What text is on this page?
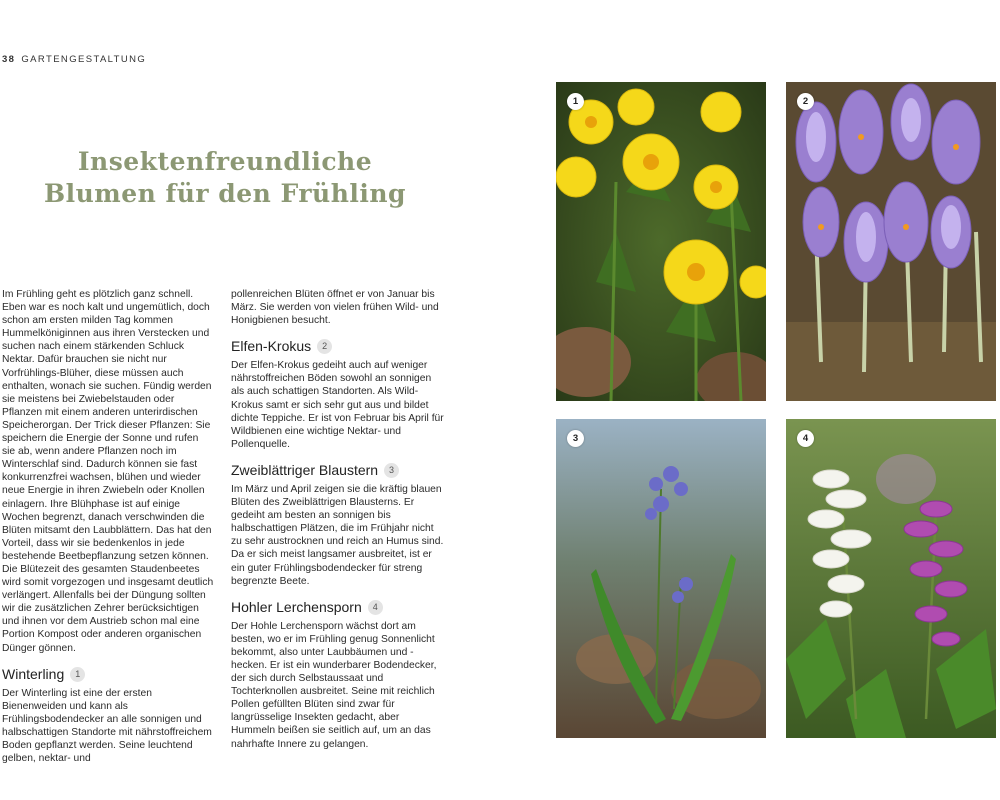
38 GARTENGESTALTUNG
Insektenfreundliche
Blumen für den Frühling

Im Frühling geht es plötzlich ganz schnell. Eben war es noch kalt und ungemütlich, doch schon am ersten milden Tag kommen Hummelköniginnen aus ihren Verstecken und suchen nach einem stärkenden Schluck Nektar. Dafür brauchen sie nicht nur Vorfrühlings-Blüher, diese müssen auch enthalten, wonach sie suchen. Fündig werden sie meistens bei Zwiebelstauden oder Pflanzen mit einem anderen unterirdischen Speicherorgan. Der Trick dieser Pflanzen: Sie speichern die Energie der Sonne und rufen sie ab, wenn andere Pflanzen noch im Winterschlaf sind. Dadurch können sie fast konkurrenzfrei wachsen, blühen und wieder neue Energie in ihren Zwiebeln oder Knollen einlagern. Ihre Blühphase ist auf einige Wochen begrenzt, danach verschwinden die Blüten mitsamt den Laubblättern. Das hat den Vorteil, dass wir sie bedenkenlos in jede bestehende Beetbepflanzung setzen können. Die Blütezeit des gesamten Staudenbeetes wird somit vorgezogen und insgesamt deutlich verlängert. Allenfalls bei der Düngung sollten wir die zusätzlichen Zehrer berücksichtigen und ihnen vor dem Austrieb schon mal eine Portion Kompost oder anderen organischen Dünger gönnen.

Winterling	1

Der Winterling ist eine der ersten Bienenweiden und kann als Frühlingsbodendecker an alle sonnigen und halbschattigen Standorte mit nährstoffreichem Boden gepflanzt werden. Seine leuchtend gelben, nektar- und

pollenreichen Blüten öffnet er von Januar bis März. Sie werden von vielen frühen Wild- und Honigbienen besucht.

Elfen-Krokus	2

Der Elfen-Krokus gedeiht auch auf weniger nährstoffreichen Böden sowohl an sonnigen als auch schattigen Standorten. Als Wild-Krokus samt er sich sehr gut aus und bildet dichte Teppiche. Er ist von Februar bis April für Wildbienen eine wichtige Nektar- und Pollenquelle.

Zweiblättriger Blaustern	3

Im März und April zeigen sie die kräftig blauen Blüten des Zweiblättrigen Blausterns. Er gedeiht am besten an sonnigen bis halbschattigen Plätzen, die im Frühjahr nicht zu sehr austrocknen und reich an Humus sind. Da er sich meist langsamer ausbreitet, ist er ein guter Frühlingsbodendecker für streng begrenzte Beete.

Hohler Lerchensporn	4

Der Hohle Lerchensporn wächst dort am besten, wo er im Frühling genug Sonnenlicht bekommt, also unter Laubbäumen und -hecken. Er ist ein wunderbarer Bodendecker, der sich durch Selbstaussaat und Tochterknollen ausbreitet. Seine mit reichlich Pollen gefüllten Blüten sind zwar für langrüsselige Insekten gedacht, aber Hummeln beißen sie seitlich auf, um an das nahrhafte Innere zu gelangen.

1	2
3	4
